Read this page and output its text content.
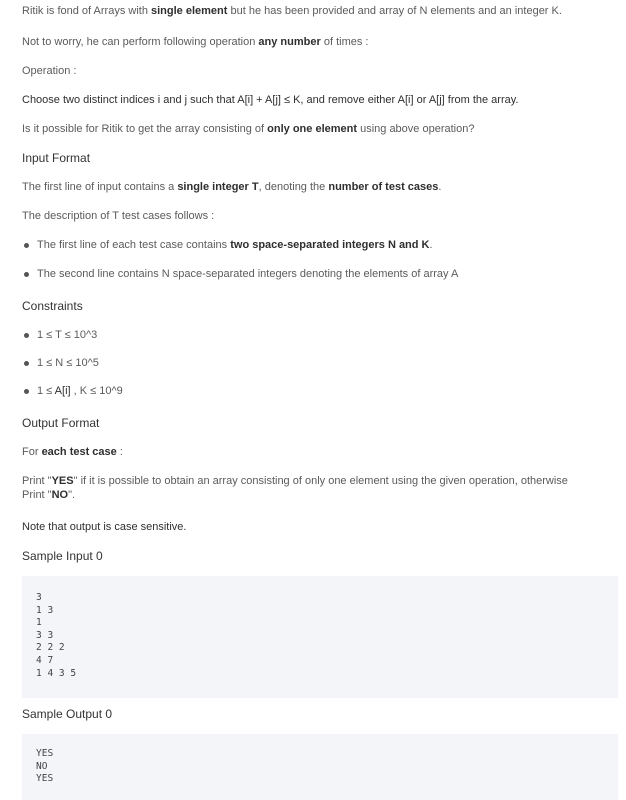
Ritik is fond of Arrays with single element but he has been provided and array of N elements and an integer K.

Not to worry, he can perform following operation any number of times :

Operation :

Choose two distinct indices i and j such that A[i] + A[j] ≤ K, and remove either A[i] or A[j] from the array.

Is it possible for Ritik to get the array consisting of only one element using above operation?

Input Format

The first line of input contains a single integer T, denoting the number of test cases.

The description of T test cases follows :

The first line of each test case contains two space-separated integers N and K.
The second line contains N space-separated integers denoting the elements of array A

Constraints

1 ≤ T ≤ 10^3
1 ≤ N ≤ 10^5
1 ≤ A[i] , K ≤ 10^9

Output Format

For each test case :

Print "YES" if it is possible to obtain an array consisting of only one element using the given operation, otherwise Print "NO".

Note that output is case sensitive.

Sample Input 0

3
1 3
1
3 3
2 2 2
4 7
1 4 3 5

Sample Output 0

YES
NO
YES
